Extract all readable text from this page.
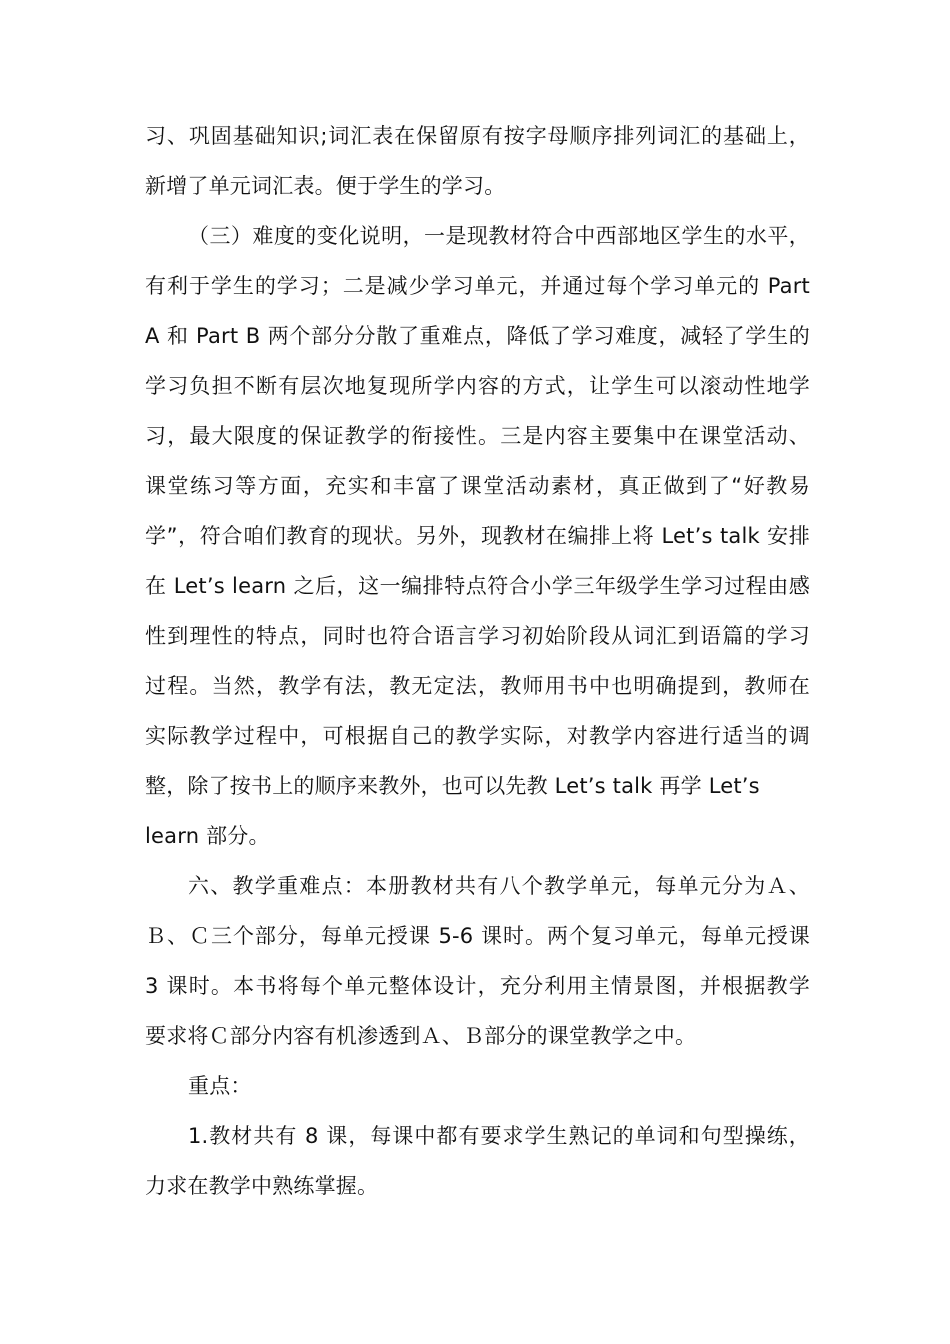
习、巩固基础知识;词汇表在保留原有按字母顺序排列词汇的基础上，
新增了单元词汇表。便于学生的学习。
（三）难度的变化说明，一是现教材符合中西部地区学生的水平，
有利于学生的学习；二是减少学习单元，并通过每个学习单元的 Part
A 和 Part B 两个部分分散了重难点，降低了学习难度，减轻了学生的
学习负担不断有层次地复现所学内容的方式，让学生可以滚动性地学
习，最大限度的保证教学的衔接性。三是内容主要集中在课堂活动、
课堂练习等方面，充实和丰富了课堂活动素材，真正做到了“好教易
学”，符合咱们教育的现状。另外，现教材在编排上将 Let’s talk 安排
在 Let’s learn 之后，这一编排特点符合小学三年级学生学习过程由感
性到理性的特点，同时也符合语言学习初始阶段从词汇到语篇的学习
过程。当然，教学有法，教无定法，教师用书中也明确提到，教师在
实际教学过程中，可根据自己的教学实际，对教学内容进行适当的调
整，除了按书上的顺序来教外，也可以先教 Let’s talk 再学 Let’s
learn 部分。
六、教学重难点：本册教材共有八个教学单元，每单元分为Ａ、
Ｂ、Ｃ三个部分，每单元授课 5-6 课时。两个复习单元，每单元授课
3 课时。本书将每个单元整体设计，充分利用主情景图，并根据教学
要求将Ｃ部分内容有机渗透到Ａ、Ｂ部分的课堂教学之中。
重点：
1.教材共有 8 课，每课中都有要求学生熟记的单词和句型操练，
力求在教学中熟练掌握。
